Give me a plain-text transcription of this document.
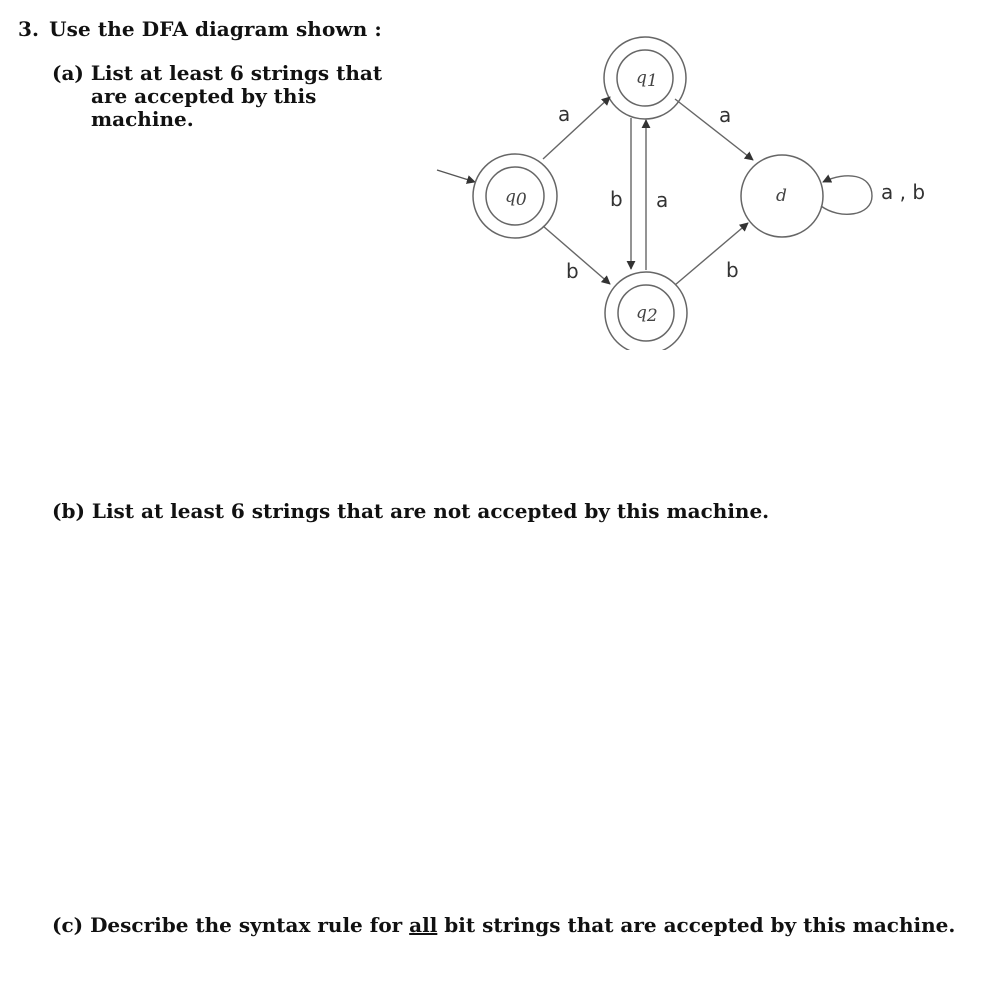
3. Use the DFA diagram shown :
(a) List at least 6 strings that
are accepted by this machine.
q0
q1
q2
d
a
b
b a
a
b
a , b
(b) List at least 6 strings that are not accepted by this machine.
(c) Describe the syntax rule for all bit strings that are accepted by this machine.
